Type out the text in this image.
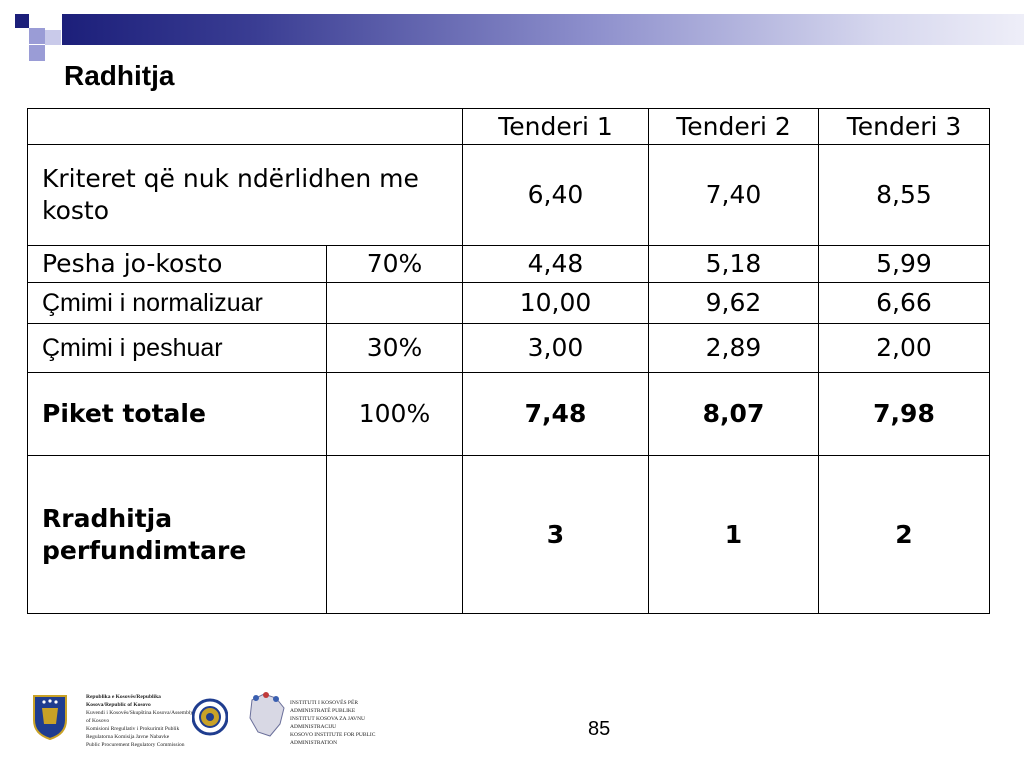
Radhitja
		Tenderi 1	Tenderi 2	Tenderi 3
Kriteret që nuk ndërlidhen me kosto		6,40	7,40	8,55
Pesha jo-kosto	70%	4,48	5,18	5,99
Çmimi i normalizuar		10,00	9,62	6,66
Çmimi i peshuar	30%	3,00	2,89	2,00
Piket totale	100%	7,48	8,07	7,98
Rradhitja perfundimtare		3	1	2
Republika e Kosovës/Republika Kosova/Republic of Kosovo
Kuvendi i Kosovës/Skupština Kosova/Assembly of Kosovo
Komisioni Rregullativ i Prokurimit Publik
Regulatorna Komisija Javne Nabavke
Public Procurement Regulatory Commission
INSTITUTI I KOSOVËS PËR ADMINISTRATË PUBLIKE
INSTITUT KOSOVA ZA JAVNU ADMINISTRACIJU
KOSOVO INSTITUTE FOR PUBLIC ADMINISTRATION
85
